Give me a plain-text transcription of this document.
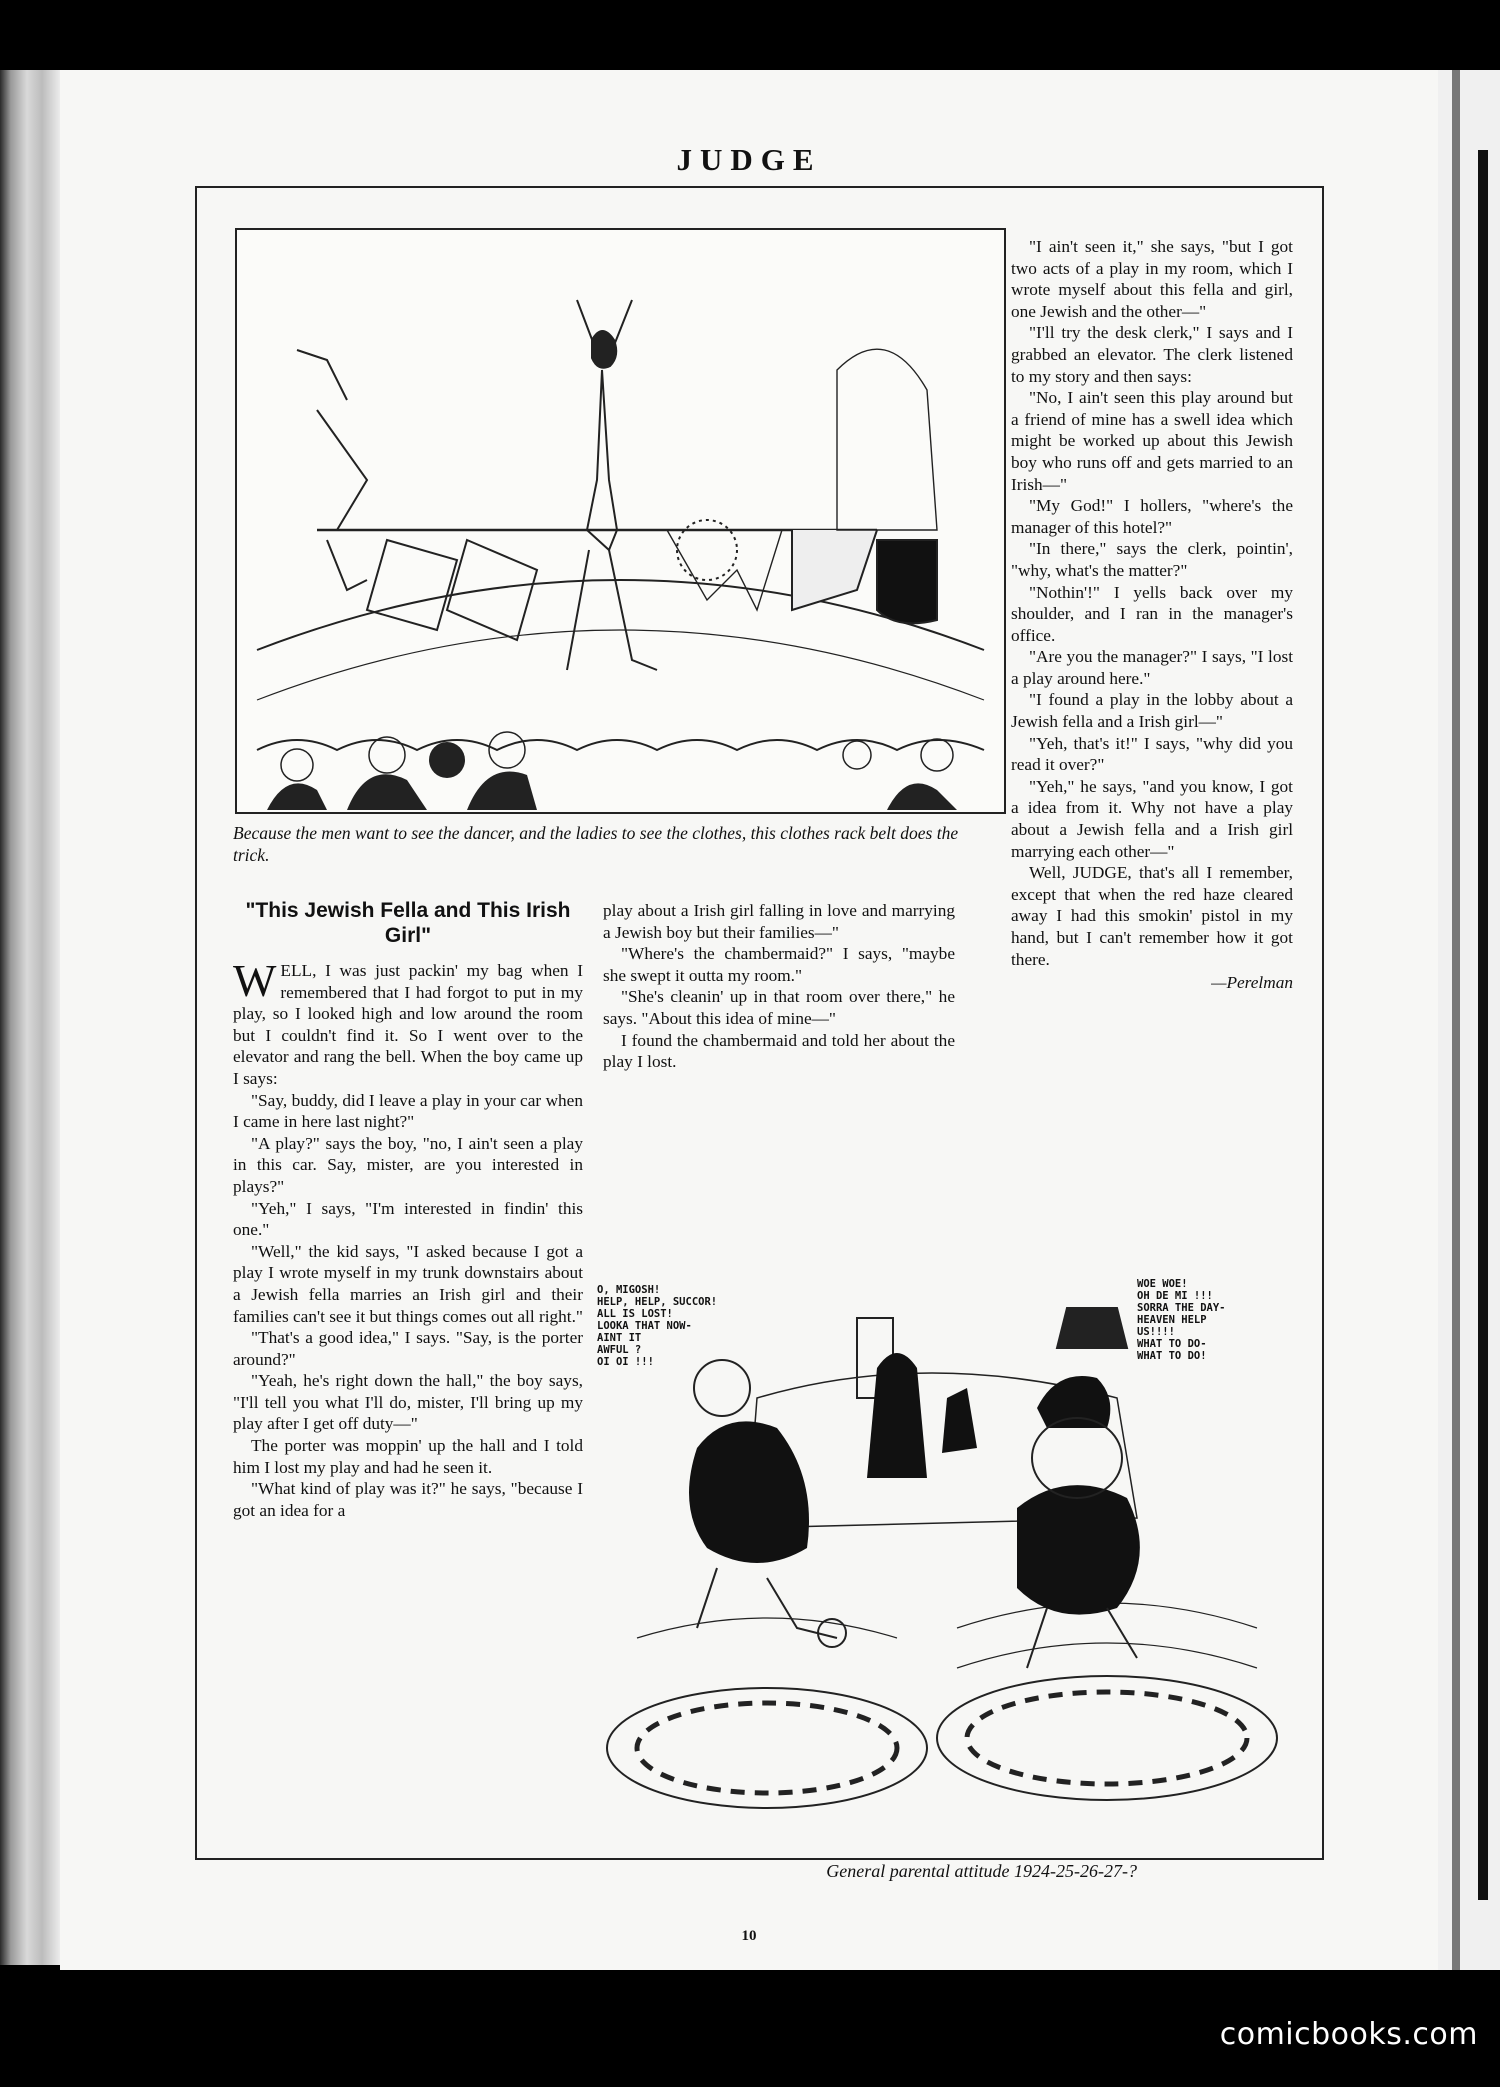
JUDGE
Because the men want to see the dancer, and the ladies to see the clothes, this clothes rack belt does the trick.
"This Jewish Fella and This Irish Girl"

WELL, I was just packin' my bag when I remembered that I had forgot to put in my play, so I looked high and low around the room but I couldn't find it. So I went over to the elevator and rang the bell. When the boy came up I says:

"Say, buddy, did I leave a play in your car when I came in here last night?"

"A play?" says the boy, "no, I ain't seen a play in this car. Say, mister, are you interested in plays?"

"Yeh," I says, "I'm interested in findin' this one."

"Well," the kid says, "I asked because I got a play I wrote myself in my trunk downstairs about a Jewish fella marries an Irish girl and their families can't see it but things comes out all right."

"That's a good idea," I says. "Say, is the porter around?"

"Yeah, he's right down the hall," the boy says, "I'll tell you what I'll do, mister, I'll bring up my play after I get off duty—"

The porter was moppin' up the hall and I told him I lost my play and had he seen it.

"What kind of play was it?" he says, "because I got an idea for a

play about a Irish girl falling in love and marrying a Jewish boy but their families—"

"Where's the chambermaid?" I says, "maybe she swept it outta my room."

"She's cleanin' up in that room over there," he says. "About this idea of mine—"

I found the chambermaid and told her about the play I lost.

"I ain't seen it," she says, "but I got two acts of a play in my room, which I wrote myself about this fella and girl, one Jewish and the other—"

"I'll try the desk clerk," I says and I grabbed an elevator. The clerk listened to my story and then says:

"No, I ain't seen this play around but a friend of mine has a swell idea which might be worked up about this Jewish boy who runs off and gets married to an Irish—"

"My God!" I hollers, "where's the manager of this hotel?"

"In there," says the clerk, pointin', "why, what's the matter?"

"Nothin'!" I yells back over my shoulder, and I ran in the manager's office.

"Are you the manager?" I says, "I lost a play around here."

"I found a play in the lobby about a Jewish fella and a Irish girl—"

"Yeh, that's it!" I says, "why did you read it over?"

"Yeh," he says, "and you know, I got a idea from it. Why not have a play about a Jewish fella and a Irish girl marrying each other—"

Well, JUDGE, that's all I remember, except that when the red haze cleared away I had this smokin' pistol in my hand, but I can't remember how it got there.

—Perelman
O, MIGOSH!
HELP, HELP, SUCCOR!
ALL IS LOST!
LOOKA THAT NOW-
AINT IT
AWFUL ?
OI OI !!!
WOE WOE!
OH DE MI !!!
SORRA THE DAY-
HEAVEN HELP
US!!!!
WHAT TO DO-
WHAT TO DO!
General parental attitude 1924-25-26-27-?
10
comicbooks.com
